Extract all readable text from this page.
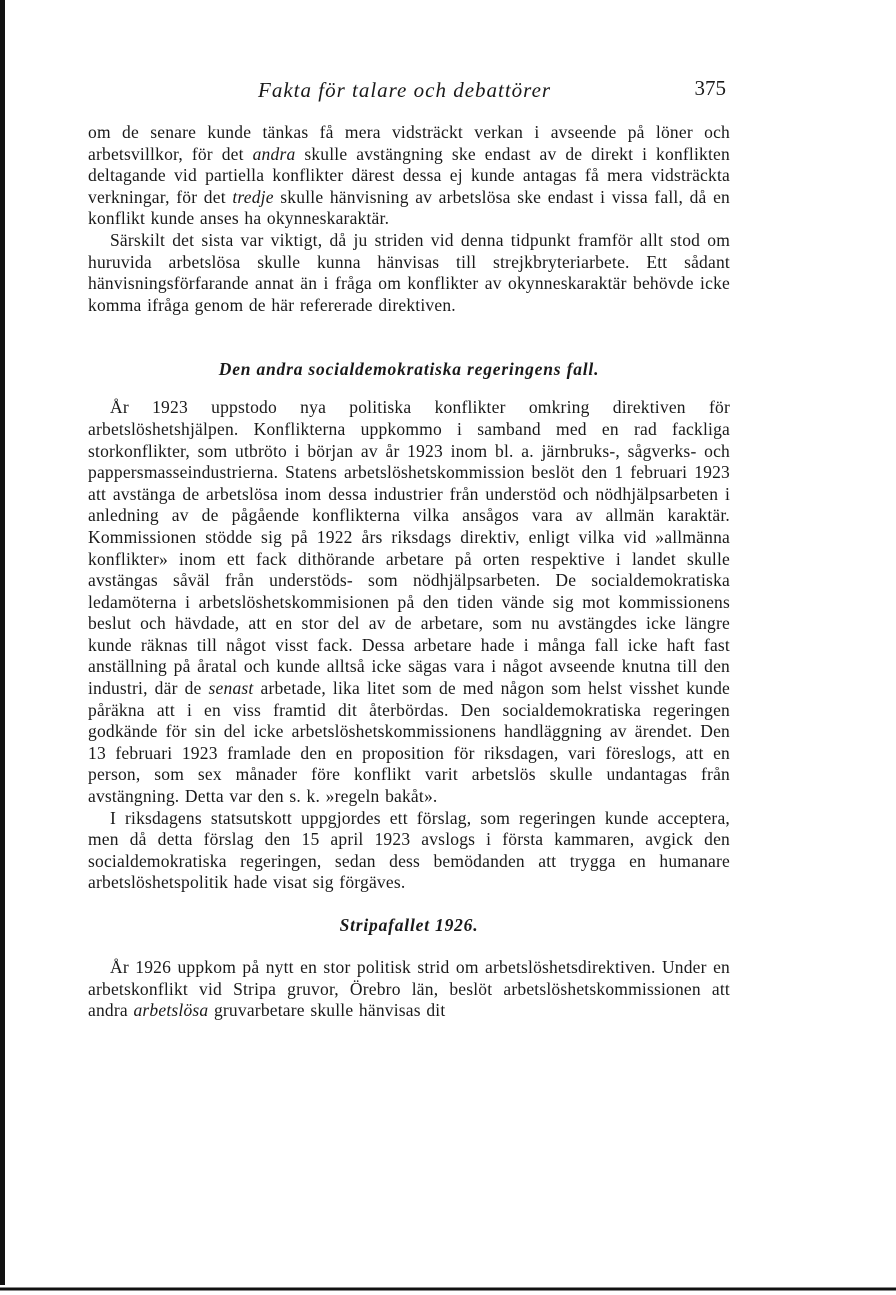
Fakta för talare och debattörer	375

om de senare kunde tänkas få mera vidsträckt verkan i avseende på löner och arbetsvillkor, för det andra skulle avstängning ske endast av de direkt i konflikten deltagande vid partiella konflikter därest dessa ej kunde antagas få mera vidsträckta verkningar, för det tredje skulle hänvisning av arbetslösa ske endast i vissa fall, då en konflikt kunde anses ha okynneskaraktär.

Särskilt det sista var viktigt, då ju striden vid denna tidpunkt framför allt stod om huruvida arbetslösa skulle kunna hänvisas till strejkbryteriarbete. Ett sådant hänvisningsförfarande annat än i fråga om konflikter av okynneskaraktär behövde icke komma ifråga genom de här refererade direktiven.

Den andra socialdemokratiska regeringens fall.

År 1923 uppstodo nya politiska konflikter omkring direktiven för arbetslöshetshjälpen. Konflikterna uppkommo i samband med en rad fackliga storkonflikter, som utbröto i början av år 1923 inom bl. a. järnbruks-, sågverks- och pappersmasseindustrierna. Statens arbetslöshetskommission beslöt den 1 februari 1923 att avstänga de arbetslösa inom dessa industrier från understöd och nödhjälpsarbeten i anledning av de pågående konflikterna vilka ansågos vara av allmän karaktär. Kommissionen stödde sig på 1922 års riksdags direktiv, enligt vilka vid »allmänna konflikter» inom ett fack dithörande arbetare på orten respektive i landet skulle avstängas såväl från understöds- som nödhjälpsarbeten. De socialdemokratiska ledamöterna i arbetslöshetskommisionen på den tiden vände sig mot kommissionens beslut och hävdade, att en stor del av de arbetare, som nu avstängdes icke längre kunde räknas till något visst fack. Dessa arbetare hade i många fall icke haft fast anställning på åratal och kunde alltså icke sägas vara i något avseende knutna till den industri, där de senast arbetade, lika litet som de med någon som helst visshet kunde påräkna att i en viss framtid dit återbördas. Den socialdemokratiska regeringen godkände för sin del icke arbetslöshetskommissionens handläggning av ärendet. Den 13 februari 1923 framlade den en proposition för riksdagen, vari föreslogs, att en person, som sex månader före konflikt varit arbetslös skulle undantagas från avstängning. Detta var den s. k. »regeln bakåt».

I riksdagens statsutskott uppgjordes ett förslag, som regeringen kunde acceptera, men då detta förslag den 15 april 1923 avslogs i första kammaren, avgick den socialdemokratiska regeringen, sedan dess bemödanden att trygga en humanare arbetslöshetspolitik hade visat sig förgäves.

Stripafallet 1926.

År 1926 uppkom på nytt en stor politisk strid om arbetslöshetsdirektiven. Under en arbetskonflikt vid Stripa gruvor, Örebro län, beslöt arbetslöshetskommissionen att andra arbetslösa gruvarbetare skulle hänvisas dit
